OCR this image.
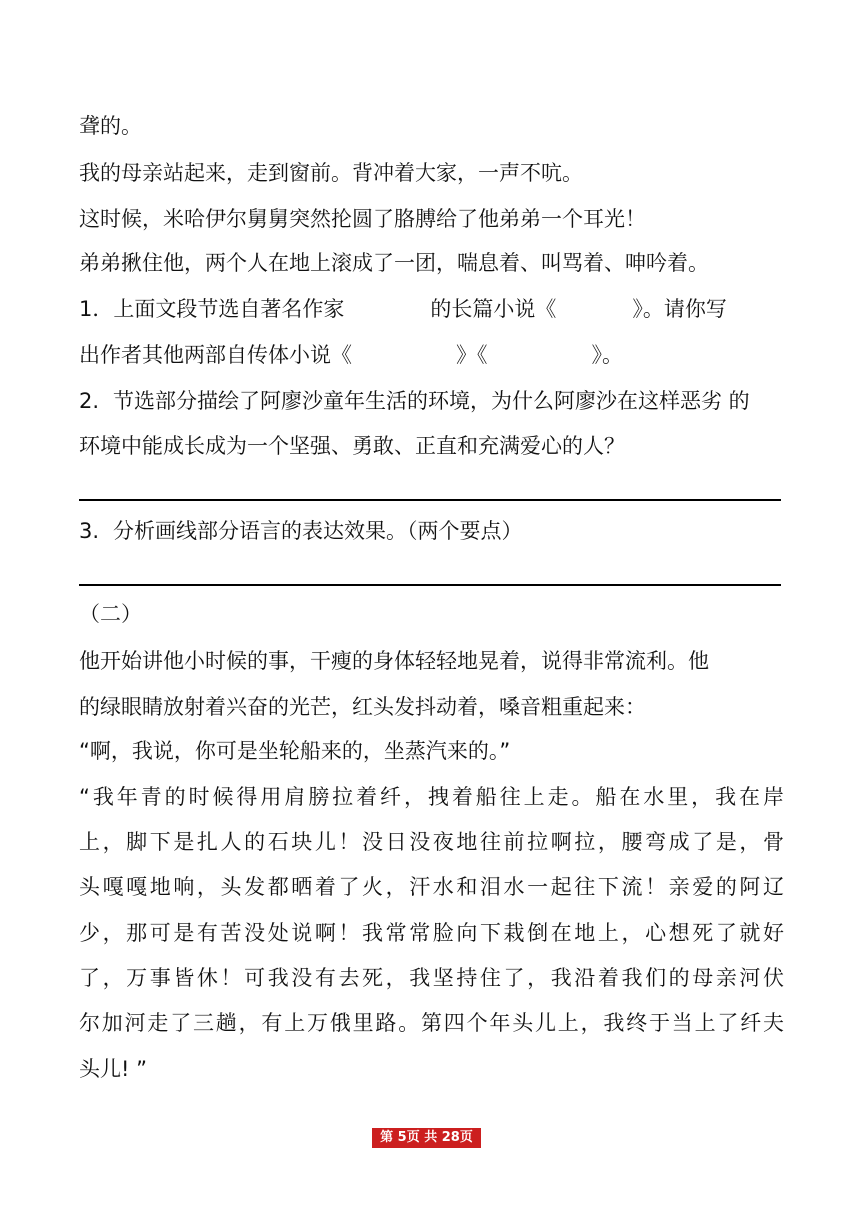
聋的。
我的母亲站起来，走到窗前。背冲着大家，一声不吭。
这时候，米哈伊尔舅舅突然抡圆了胳膊给了他弟弟一个耳光！
弟弟揪住他，两个人在地上滚成了一团，喘息着、叫骂着、呻吟着。
1．上面文段节选自著名作家	的长篇小说《	》。请你写
出作者其他两部自传体小说《	》《	》。
2. 节选部分描绘了阿廖沙童年生活的环境，为什么阿廖沙在这样恶劣 的
环境中能成长成为一个坚强、勇敢、正直和充满爱心的人？
3. 分析画线部分语言的表达效果。（两个要点）
（二）
他开始讲他小时候的事，干瘦的身体轻轻地晃着，说得非常流利。他
的绿眼睛放射着兴奋的光芒，红头发抖动着，嗓音粗重起来：
“啊，我说，你可是坐轮船来的，坐蒸汽来的。”
“我年青的时候得用肩膀拉着纤，拽着船往上走。船在水里，我在岸
上，脚下是扎人的石块儿！没日没夜地往前拉啊拉，腰弯成了是，骨
头嘎嘎地响，头发都晒着了火，汗水和泪水一起往下流！亲爱的阿辽
少，那可是有苦没处说啊！我常常脸向下栽倒在地上，心想死了就好
了，万事皆休！可我没有去死，我坚持住了，我沿着我们的母亲河伏
尔加河走了三趟，有上万俄里路。第四个年头儿上，我终于当上了纤夫
头儿! ”
第 5页 共 28页
